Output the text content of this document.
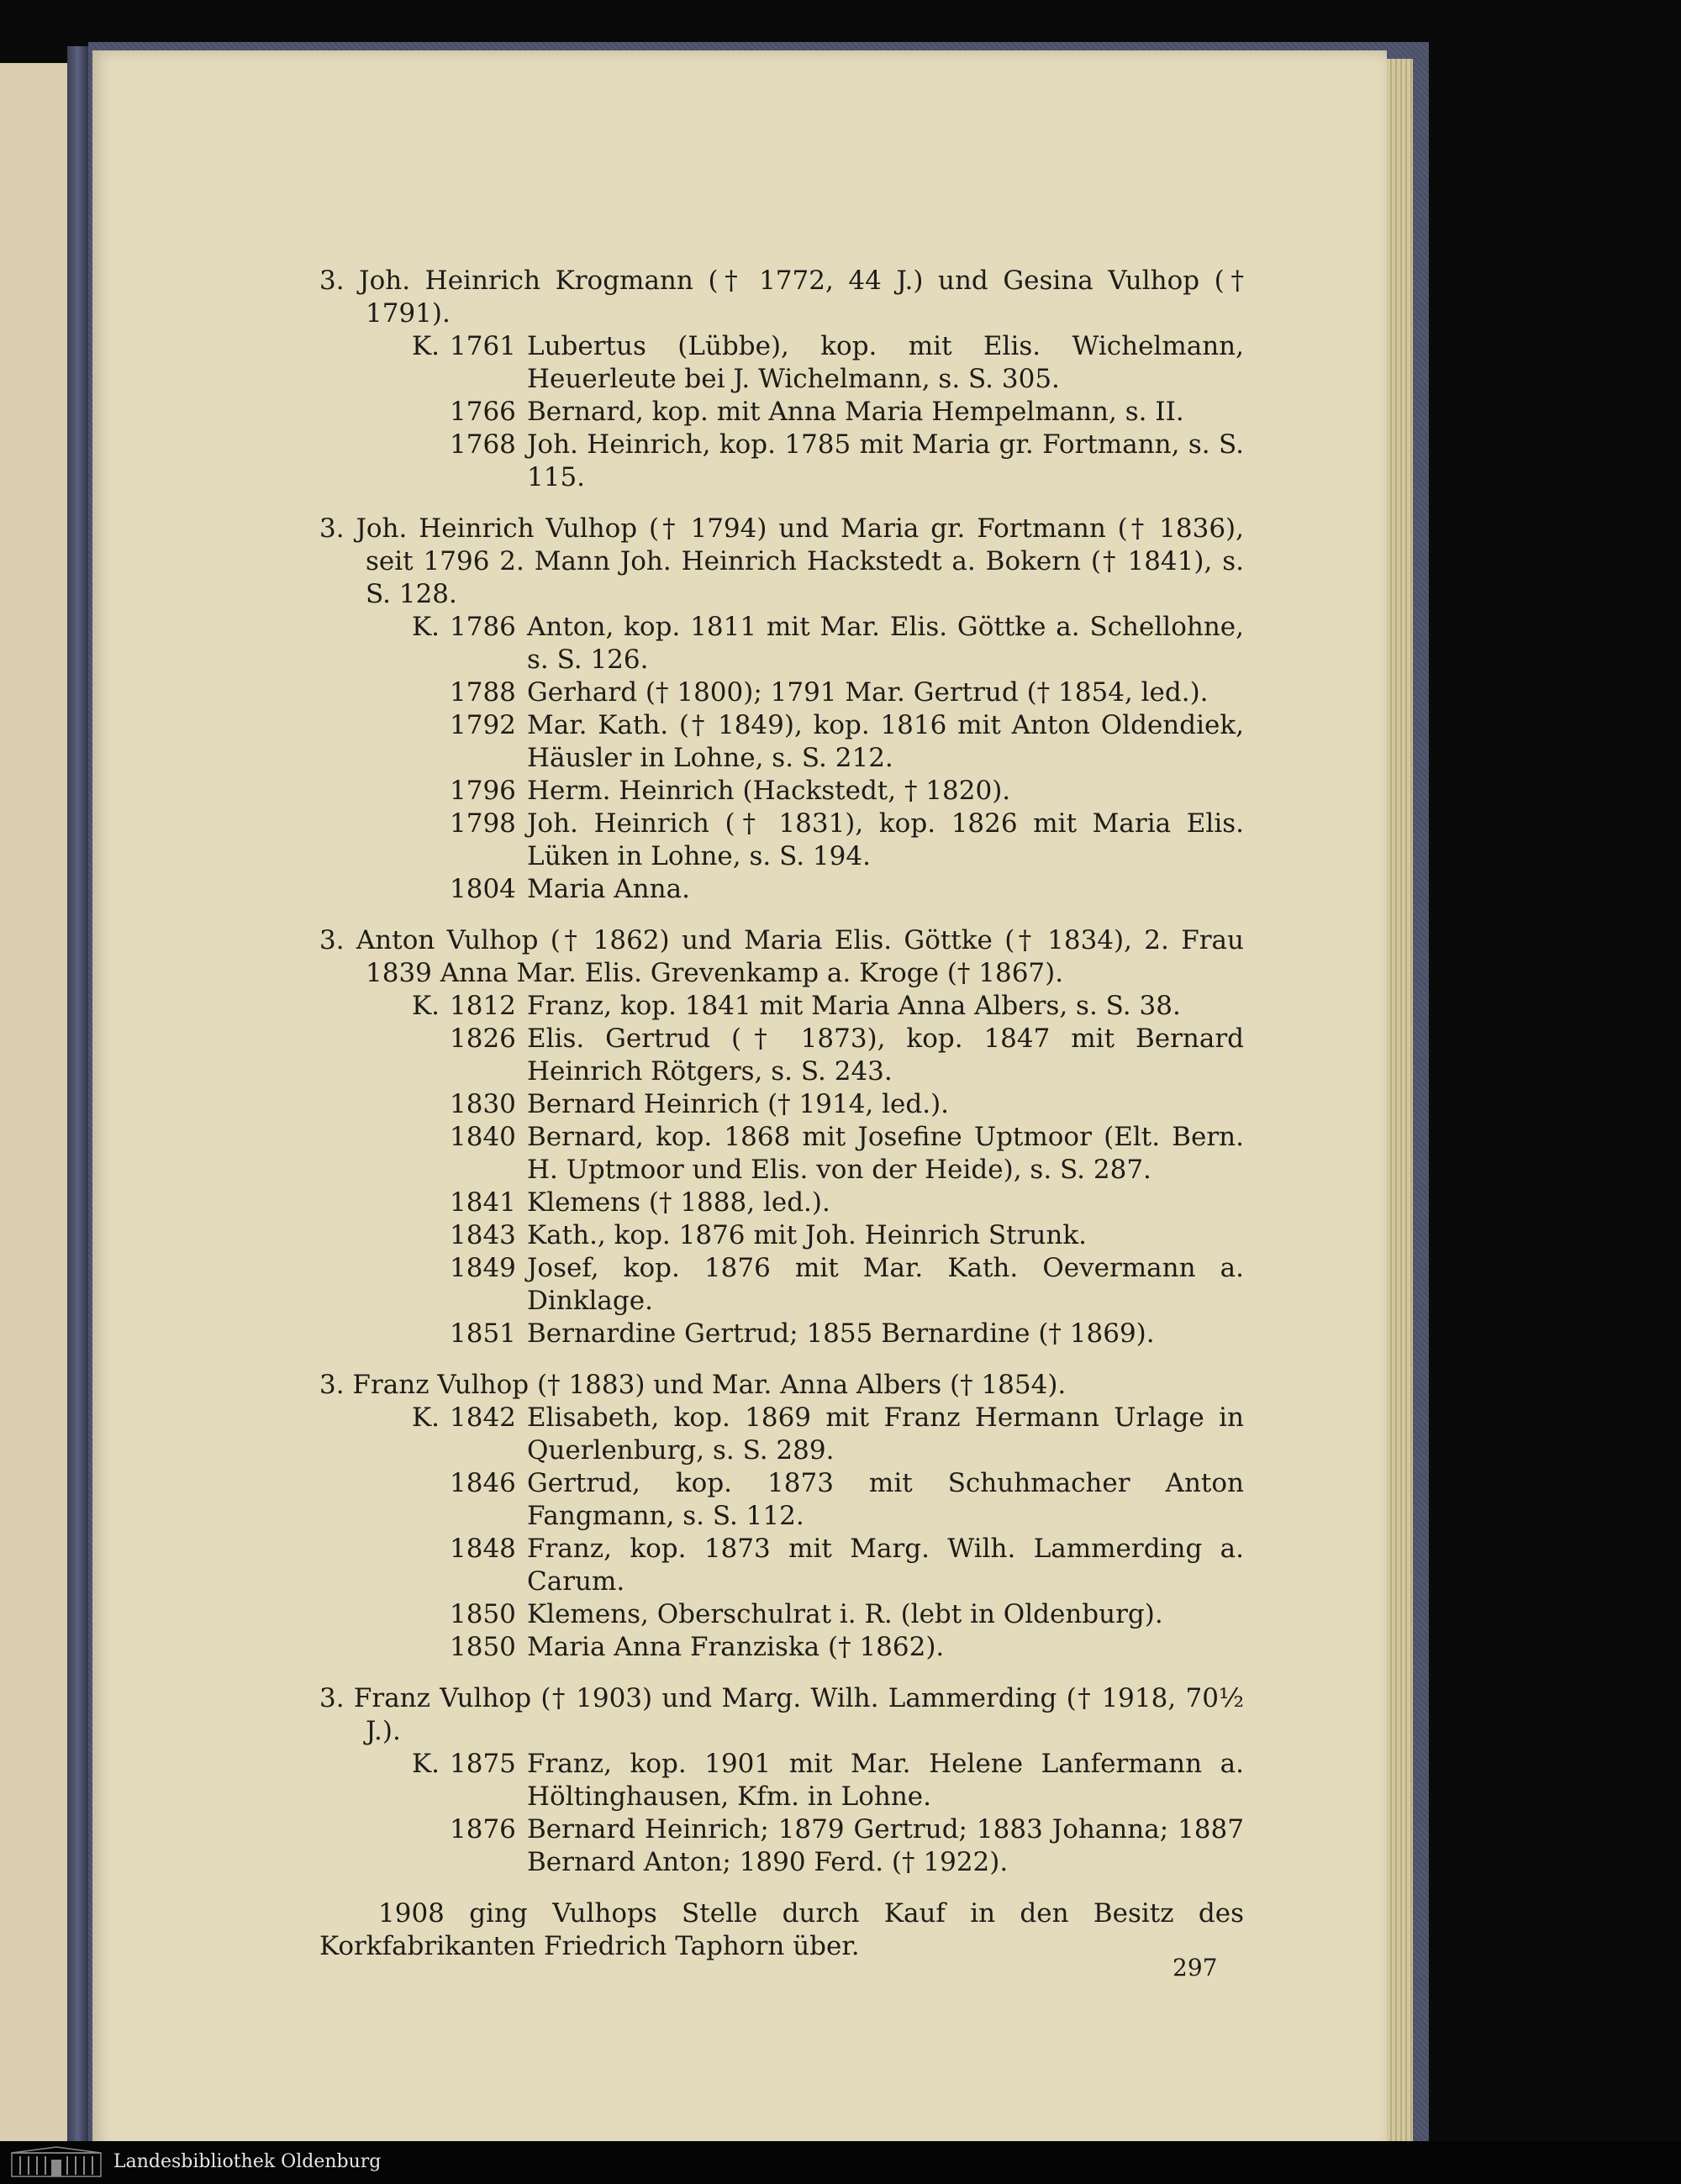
3. Joh. Heinrich Krogmann († 1772, 44 J.) und Gesina Vulhop († 1791).
K. 1761 Lubertus (Lübbe), kop. mit Elis. Wichelmann, Heuerleute bei J. Wichelmann, s. S. 305.
1766 Bernard, kop. mit Anna Maria Hempelmann, s. II.
1768 Joh. Heinrich, kop. 1785 mit Maria gr. Fortmann, s. S. 115.
3. Joh. Heinrich Vulhop († 1794) und Maria gr. Fortmann († 1836), seit 1796 2. Mann Joh. Heinrich Hackstedt a. Bokern († 1841), s. S. 128.
K. 1786 Anton, kop. 1811 mit Mar. Elis. Göttke a. Schellohne, s. S. 126.
1788 Gerhard († 1800); 1791 Mar. Gertrud († 1854, led.).
1792 Mar. Kath. († 1849), kop. 1816 mit Anton Oldendiek, Häusler in Lohne, s. S. 212.
1796 Herm. Heinrich (Hackstedt, † 1820).
1798 Joh. Heinrich († 1831), kop. 1826 mit Maria Elis. Lüken in Lohne, s. S. 194.
1804 Maria Anna.
3. Anton Vulhop († 1862) und Maria Elis. Göttke († 1834), 2. Frau 1839 Anna Mar. Elis. Grevenkamp a. Kroge († 1867).
K. 1812 Franz, kop. 1841 mit Maria Anna Albers, s. S. 38.
1826 Elis. Gertrud († 1873), kop. 1847 mit Bernard Heinrich Rötgers, s. S. 243.
1830 Bernard Heinrich († 1914, led.).
1840 Bernard, kop. 1868 mit Josefine Uptmoor (Elt. Bern. H. Uptmoor und Elis. von der Heide), s. S. 287.
1841 Klemens († 1888, led.).
1843 Kath., kop. 1876 mit Joh. Heinrich Strunk.
1849 Josef, kop. 1876 mit Mar. Kath. Oevermann a. Dinklage.
1851 Bernardine Gertrud; 1855 Bernardine († 1869).
3. Franz Vulhop († 1883) und Mar. Anna Albers († 1854).
K. 1842 Elisabeth, kop. 1869 mit Franz Hermann Urlage in Querlenburg, s. S. 289.
1846 Gertrud, kop. 1873 mit Schuhmacher Anton Fangmann, s. S. 112.
1848 Franz, kop. 1873 mit Marg. Wilh. Lammerding a. Carum.
1850 Klemens, Oberschulrat i. R. (lebt in Oldenburg).
1850 Maria Anna Franziska († 1862).
3. Franz Vulhop († 1903) und Marg. Wilh. Lammerding († 1918, 70½ J.).
K. 1875 Franz, kop. 1901 mit Mar. Helene Lanfermann a. Höltinghausen, Kfm. in Lohne.
1876 Bernard Heinrich; 1879 Gertrud; 1883 Johanna; 1887 Bernard Anton; 1890 Ferd. († 1922).
1908 ging Vulhops Stelle durch Kauf in den Besitz des Korkfabrikanten Friedrich Taphorn über.
297
Landesbibliothek Oldenburg
